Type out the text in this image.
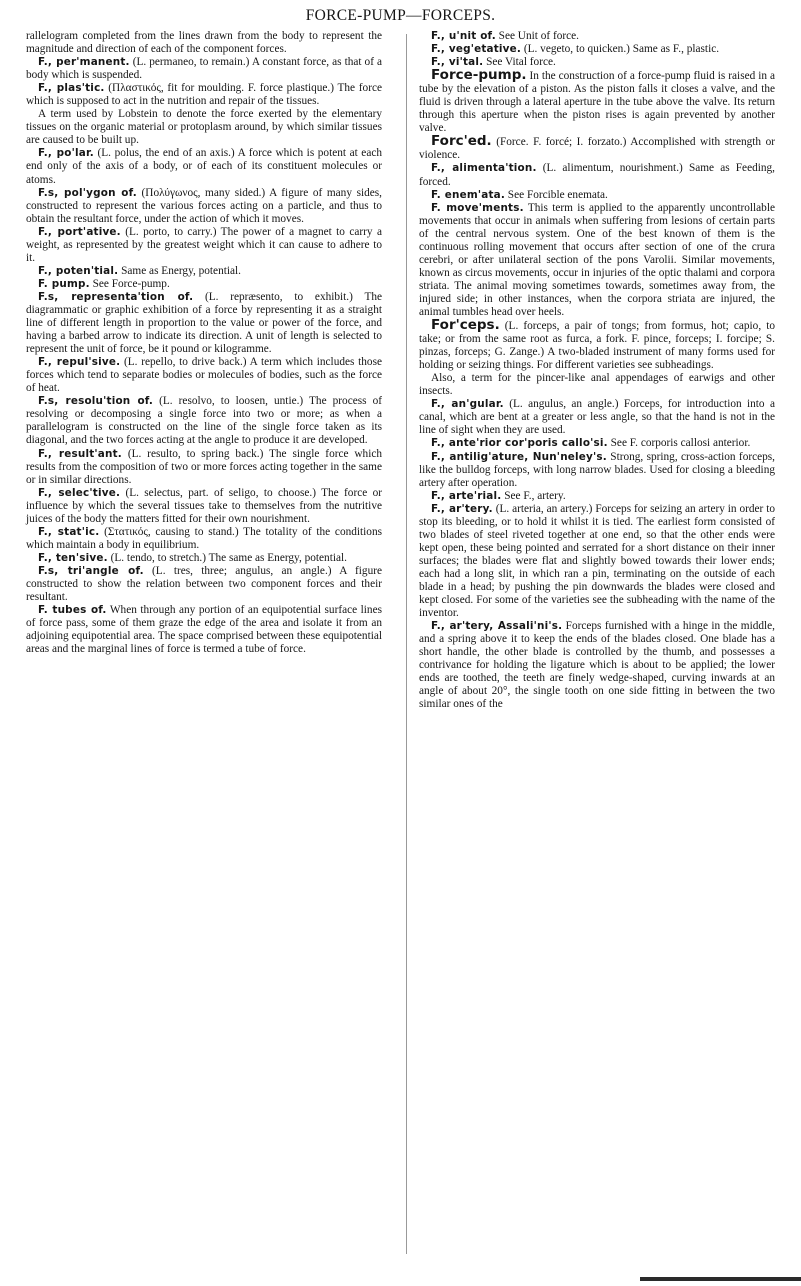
FORCE-PUMP—FORCEPS.

rallelogram completed from the lines drawn from the body to represent the magnitude and direction of each of the component forces.

F., per'manent. (L. permaneo, to remain.) A constant force, as that of a body which is suspended.

F., plas'tic. (Πλαστικός, fit for moulding. F. force plastique.) The force which is supposed to act in the nutrition and repair of the tissues.

A term used by Lobstein to denote the force exerted by the elementary tissues on the organic material or protoplasm around, by which similar tissues are caused to be built up.

F., po'lar. (L. polus, the end of an axis.) A force which is potent at each end only of the axis of a body, or of each of its constituent molecules or atoms.

F.s, pol'ygon of. (Πολύγωνος, many sided.) A figure of many sides, constructed to represent the various forces acting on a particle, and thus to obtain the resultant force, under the action of which it moves.

F., port'ative. (L. porto, to carry.) The power of a magnet to carry a weight, as represented by the greatest weight which it can cause to adhere to it.

F., poten'tial. Same as Energy, potential.

F. pump. See Force-pump.

F.s, representa'tion of. (L. repræsento, to exhibit.) The diagrammatic or graphic exhibition of a force by representing it as a straight line of different length in proportion to the value or power of the force, and having a barbed arrow to indicate its direction. A unit of length is selected to represent the unit of force, be it pound or kilogramme.

F., repul'sive. (L. repello, to drive back.) A term which includes those forces which tend to separate bodies or molecules of bodies, such as the force of heat.

F.s, resolu'tion of. (L. resolvo, to loosen, untie.) The process of resolving or decomposing a single force into two or more; as when a parallelogram is constructed on the line of the single force taken as its diagonal, and the two forces acting at the angle to produce it are developed.

F., result'ant. (L. resulto, to spring back.) The single force which results from the composition of two or more forces acting together in the same or in similar directions.

F., selec'tive. (L. selectus, part. of seligo, to choose.) The force or influence by which the several tissues take to themselves from the nutritive juices of the body the matters fitted for their own nourishment.

F., stat'ic. (Στατικός, causing to stand.) The totality of the conditions which maintain a body in equilibrium.

F., ten'sive. (L. tendo, to stretch.) The same as Energy, potential.

F.s, tri'angle of. (L. tres, three; angulus, an angle.) A figure constructed to show the relation between two component forces and their resultant.

F. tubes of. When through any portion of an equipotential surface lines of force pass, some of them graze the edge of the area and isolate it from an adjoining equipotential area. The space comprised between these equipotential areas and the marginal lines of force is termed a tube of force.

F., u'nit of. See Unit of force.

F., veg'etative. (L. vegeto, to quicken.) Same as F., plastic.

F., vi'tal. See Vital force.

Force-pump. In the construction of a force-pump fluid is raised in a tube by the elevation of a piston. As the piston falls it closes a valve, and the fluid is driven through a lateral aperture in the tube above the valve. Its return through this aperture when the piston rises is again prevented by another valve.

Forc'ed. (Force. F. forcé; I. forzato.) Accomplished with strength or violence.

F., alimenta'tion. (L. alimentum, nourishment.) Same as Feeding, forced.

F. enem'ata. See Forcible enemata.

F. move'ments. This term is applied to the apparently uncontrollable movements that occur in animals when suffering from lesions of certain parts of the central nervous system. One of the best known of them is the continuous rolling movement that occurs after section of one of the crura cerebri, or after unilateral section of the pons Varolii. Similar movements, known as circus movements, occur in injuries of the optic thalami and corpora striata. The animal moving sometimes towards, sometimes away from, the injured side; in other instances, when the corpora striata are injured, the animal tumbles head over heels.

For'ceps. (L. forceps, a pair of tongs; from formus, hot; capio, to take; or from the same root as furca, a fork. F. pince, forceps; I. forcipe; S. pinzas, forceps; G. Zange.) A two-bladed instrument of many forms used for holding or seizing things. For different varieties see subheadings.

Also, a term for the pincer-like anal appendages of earwigs and other insects.

F., an'gular. (L. angulus, an angle.) Forceps, for introduction into a canal, which are bent at a greater or less angle, so that the hand is not in the line of sight when they are used.

F., ante'rior cor'poris callo'si. See F. corporis callosi anterior.

F., antilig'ature, Nun'neley's. Strong, spring, cross-action forceps, like the bulldog forceps, with long narrow blades. Used for closing a bleeding artery after operation.

F., arte'rial. See F., artery.

F., ar'tery. (L. arteria, an artery.) Forceps for seizing an artery in order to stop its bleeding, or to hold it whilst it is tied. The earliest form consisted of two blades of steel riveted together at one end, so that the other ends were kept open, these being pointed and serrated for a short distance on their inner surfaces; the blades were flat and slightly bowed towards their lower ends; each had a long slit, in which ran a pin, terminating on the outside of each blade in a head; by pushing the pin downwards the blades were closed and kept closed. For some of the varieties see the subheading with the name of the inventor.

F., ar'tery, Assali'ni's. Forceps furnished with a hinge in the middle, and a spring above it to keep the ends of the blades closed. One blade has a short handle, the other blade is controlled by the thumb, and possesses a contrivance for holding the ligature which is about to be applied; the lower ends are toothed, the teeth are finely wedge-shaped, curving inwards at an angle of about 20°, the single tooth on one side fitting in between the two similar ones of the
